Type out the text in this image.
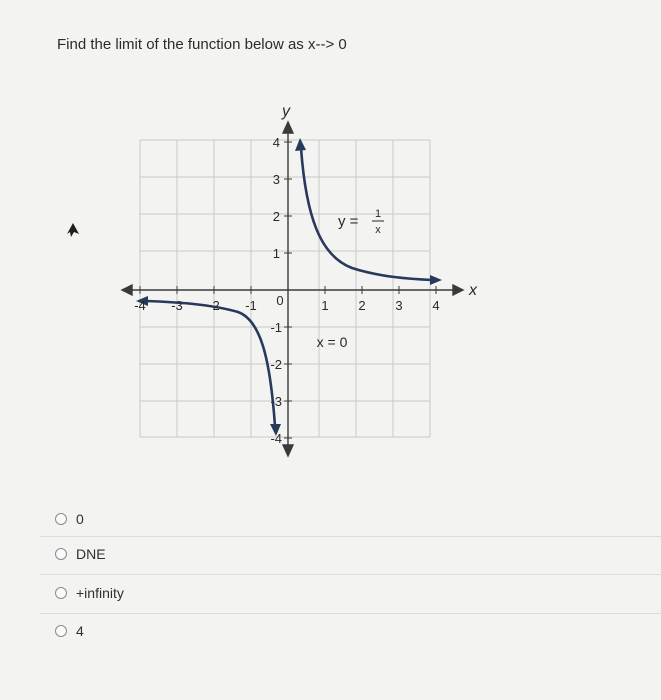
Find the limit of the function below as x--> 0
y
x
-4 -3 -2 -1 0	1 2 3 4
4
3
2
1
-1
-2
-3
-4
y = 1
x
x = 0
0
DNE
+infinity
4
